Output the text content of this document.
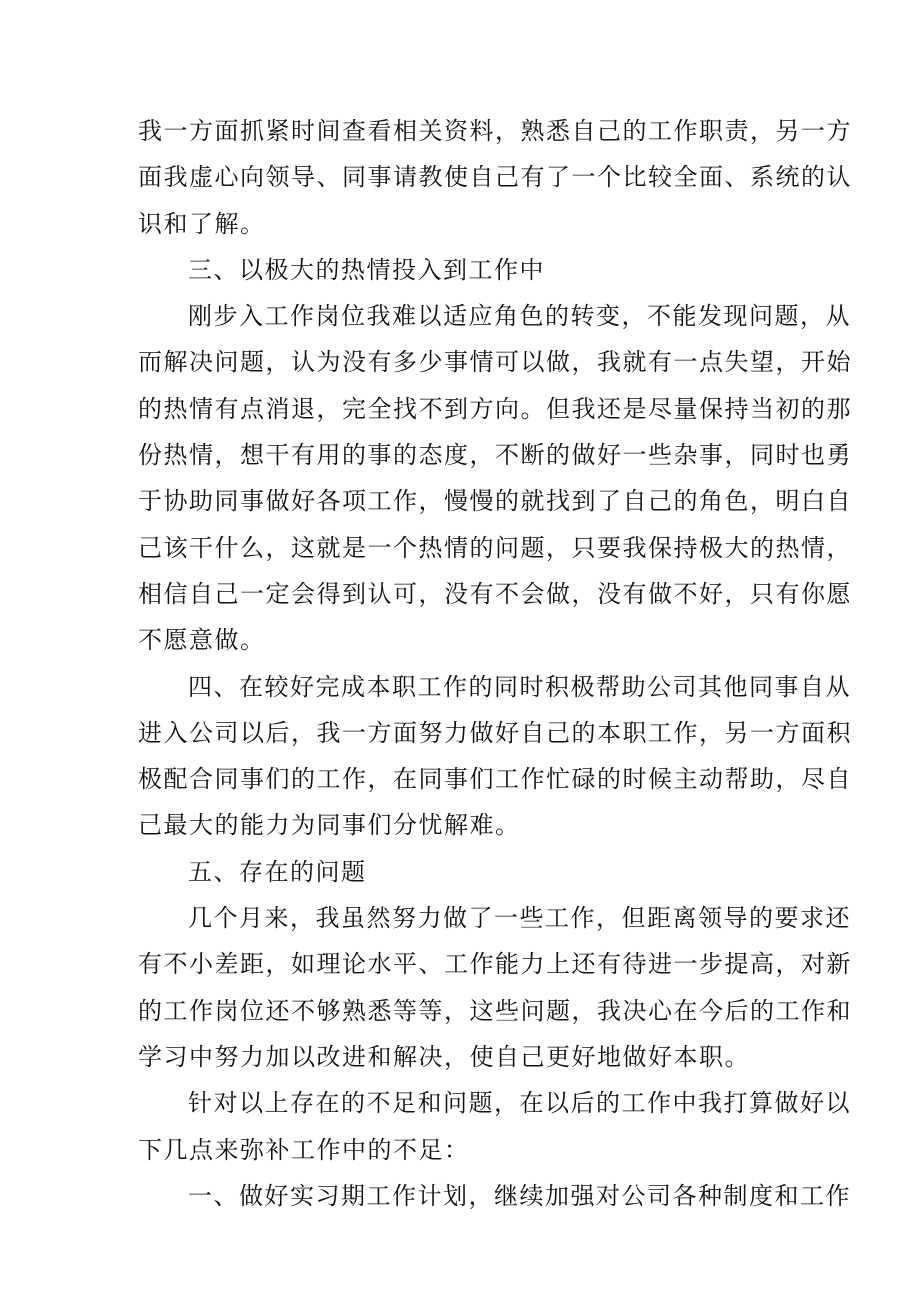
我一方面抓紧时间查看相关资料，熟悉自己的工作职责，另一方
面我虚心向领导、同事请教使自己有了一个比较全面、系统的认
识和了解。

三、以极大的热情投入到工作中

刚步入工作岗位我难以适应角色的转变，不能发现问题，从
而解决问题，认为没有多少事情可以做，我就有一点失望，开始
的热情有点消退，完全找不到方向。但我还是尽量保持当初的那
份热情，想干有用的事的态度，不断的做好一些杂事，同时也勇
于协助同事做好各项工作，慢慢的就找到了自己的角色，明白自
己该干什么，这就是一个热情的问题，只要我保持极大的热情，
相信自己一定会得到认可，没有不会做，没有做不好，只有你愿
不愿意做。

四、在较好完成本职工作的同时积极帮助公司其他同事自从
进入公司以后，我一方面努力做好自己的本职工作，另一方面积
极配合同事们的工作，在同事们工作忙碌的时候主动帮助，尽自
己最大的能力为同事们分忧解难。

五、存在的问题

几个月来，我虽然努力做了一些工作，但距离领导的要求还
有不小差距，如理论水平、工作能力上还有待进一步提高，对新
的工作岗位还不够熟悉等等，这些问题，我决心在今后的工作和
学习中努力加以改进和解决，使自己更好地做好本职。

针对以上存在的不足和问题，在以后的工作中我打算做好以
下几点来弥补工作中的不足：

一、做好实习期工作计划，继续加强对公司各种制度和工作
